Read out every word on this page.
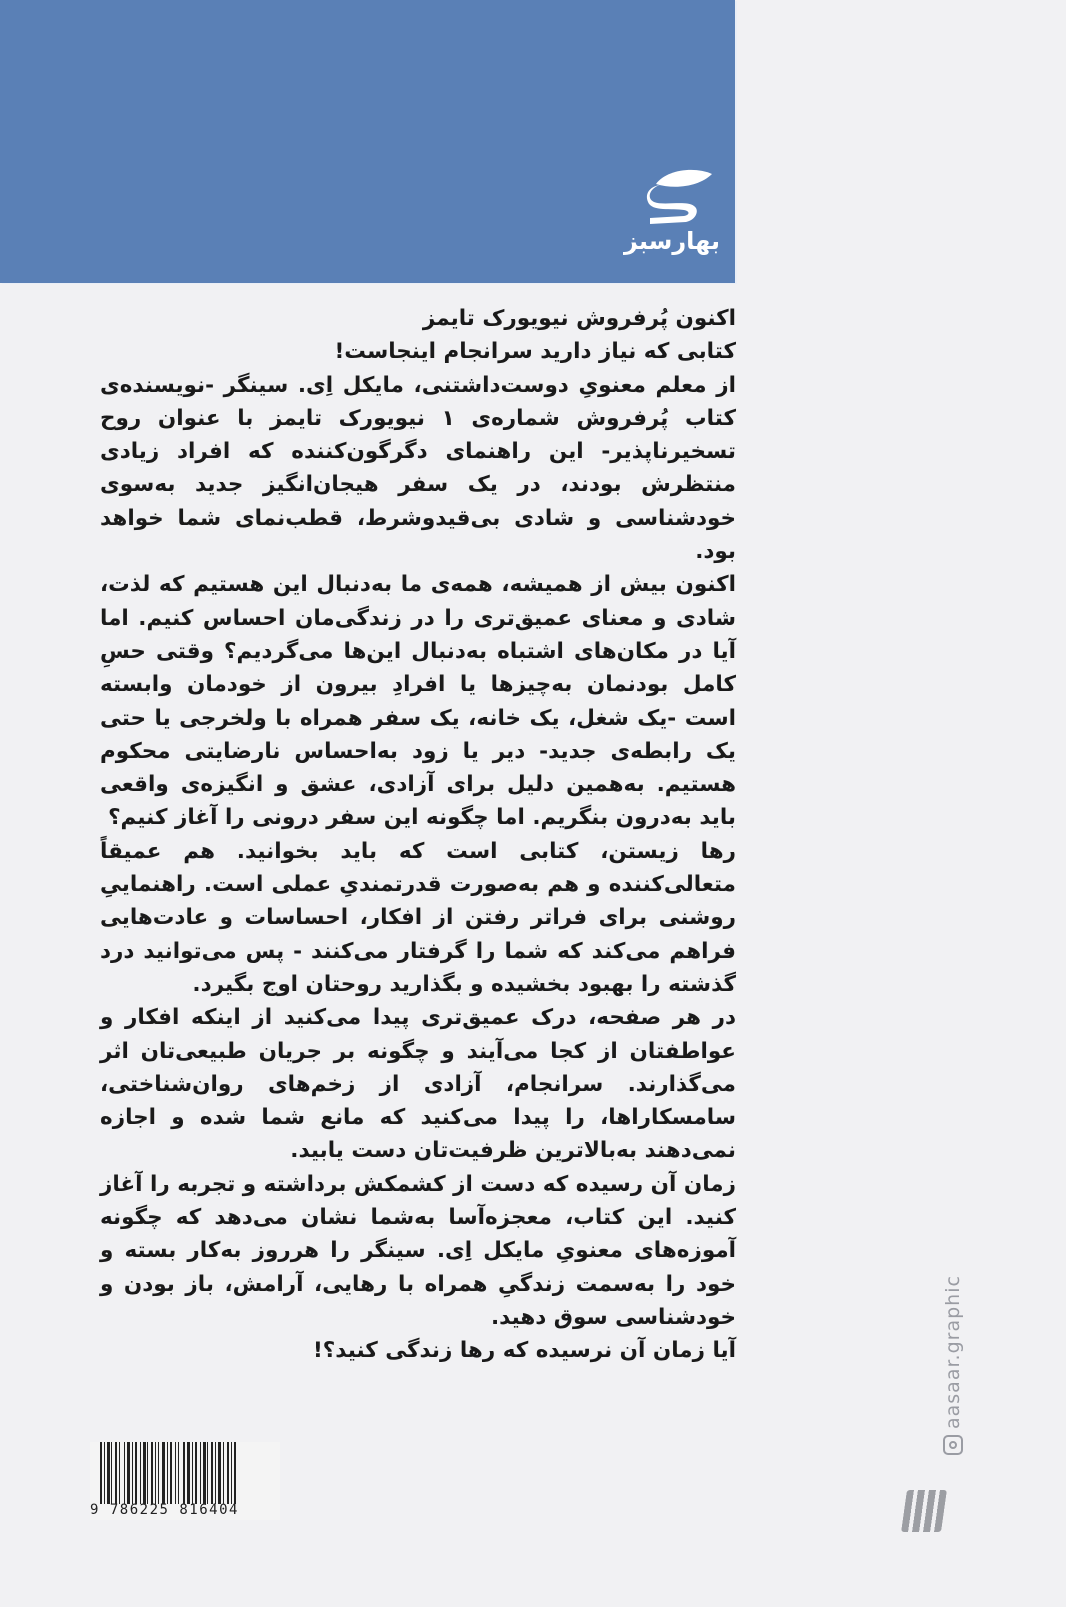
بهارسبز

اکنون پُرفروش نیویورک تایمز

کتابی که نیاز دارید سرانجام اینجاست!

از معلم معنویِ دوست‌داشتنی، مایکل اِی. سینگر -نویسنده‌ی کتاب پُرفروش شماره‌ی ۱ نیویورک تایمز با عنوان روح تسخیرناپذیر- این راهنمای دگرگون‌کننده که افراد زیادی منتظرش بودند، در یک سفر هیجان‌انگیز جدید به‌سوی خودشناسی و شادی بی‌قیدوشرط، قطب‌نمای شما خواهد بود.
اکنون بیش از همیشه، همه‌ی ما به‌دنبال این هستیم که لذت، شادی و معنای عمیق‌تری را در زندگی‌مان احساس کنیم. اما آیا در مکان‌های اشتباه به‌دنبال این‌ها می‌گردیم؟ وقتی حسِ کامل بودنمان به‌چیزها یا افرادِ بیرون از خودمان وابسته است -یک شغل، یک خانه، یک سفر همراه با ولخرجی یا حتی یک رابطه‌ی جدید- دیر یا زود به‌احساس نارضایتی محکوم هستیم. به‌همین دلیل برای آزادی، عشق و انگیزه‌ی واقعی باید به‌درون بنگریم. اما چگونه این سفر درونی را آغاز کنیم؟
رها زیستن، کتابی است که باید بخوانید. هم عمیقاً متعالی‌کننده و هم به‌صورت قدرتمندیِ عملی است. راهنماییِ روشنی برای فراتر رفتن از افکار، احساسات و عادت‌هایی فراهم می‌کند که شما را گرفتار می‌کنند - پس می‌توانید درد گذشته را بهبود بخشیده و بگذارید روحتان اوج بگیرد.
در هر صفحه، درک عمیق‌تری پیدا می‌کنید از اینکه افکار و عواطفتان از کجا می‌آیند و چگونه بر جریان طبیعی‌تان اثر می‌گذارند. سرانجام، آزادی از زخم‌های روان‌شناختی، سامسکاراها، را پیدا می‌کنید که مانع شما شده و اجازه نمی‌دهند به‌بالاترین ظرفیت‌تان دست یابید.
زمان آن رسیده که دست از کشمکش برداشته و تجربه را آغاز کنید. این کتاب، معجزه‌آسا به‌شما نشان می‌دهد که چگونه آموزه‌های معنویِ مایکل اِی. سینگر را هرروز به‌کار بسته و خود را به‌سمت زندگیِ همراه با رهایی، آرامش، باز بودن و خودشناسی سوق دهید.

آیا زمان آن نرسیده که رها زندگی کنید؟!

9 786225 816404
aasaar.graphic
